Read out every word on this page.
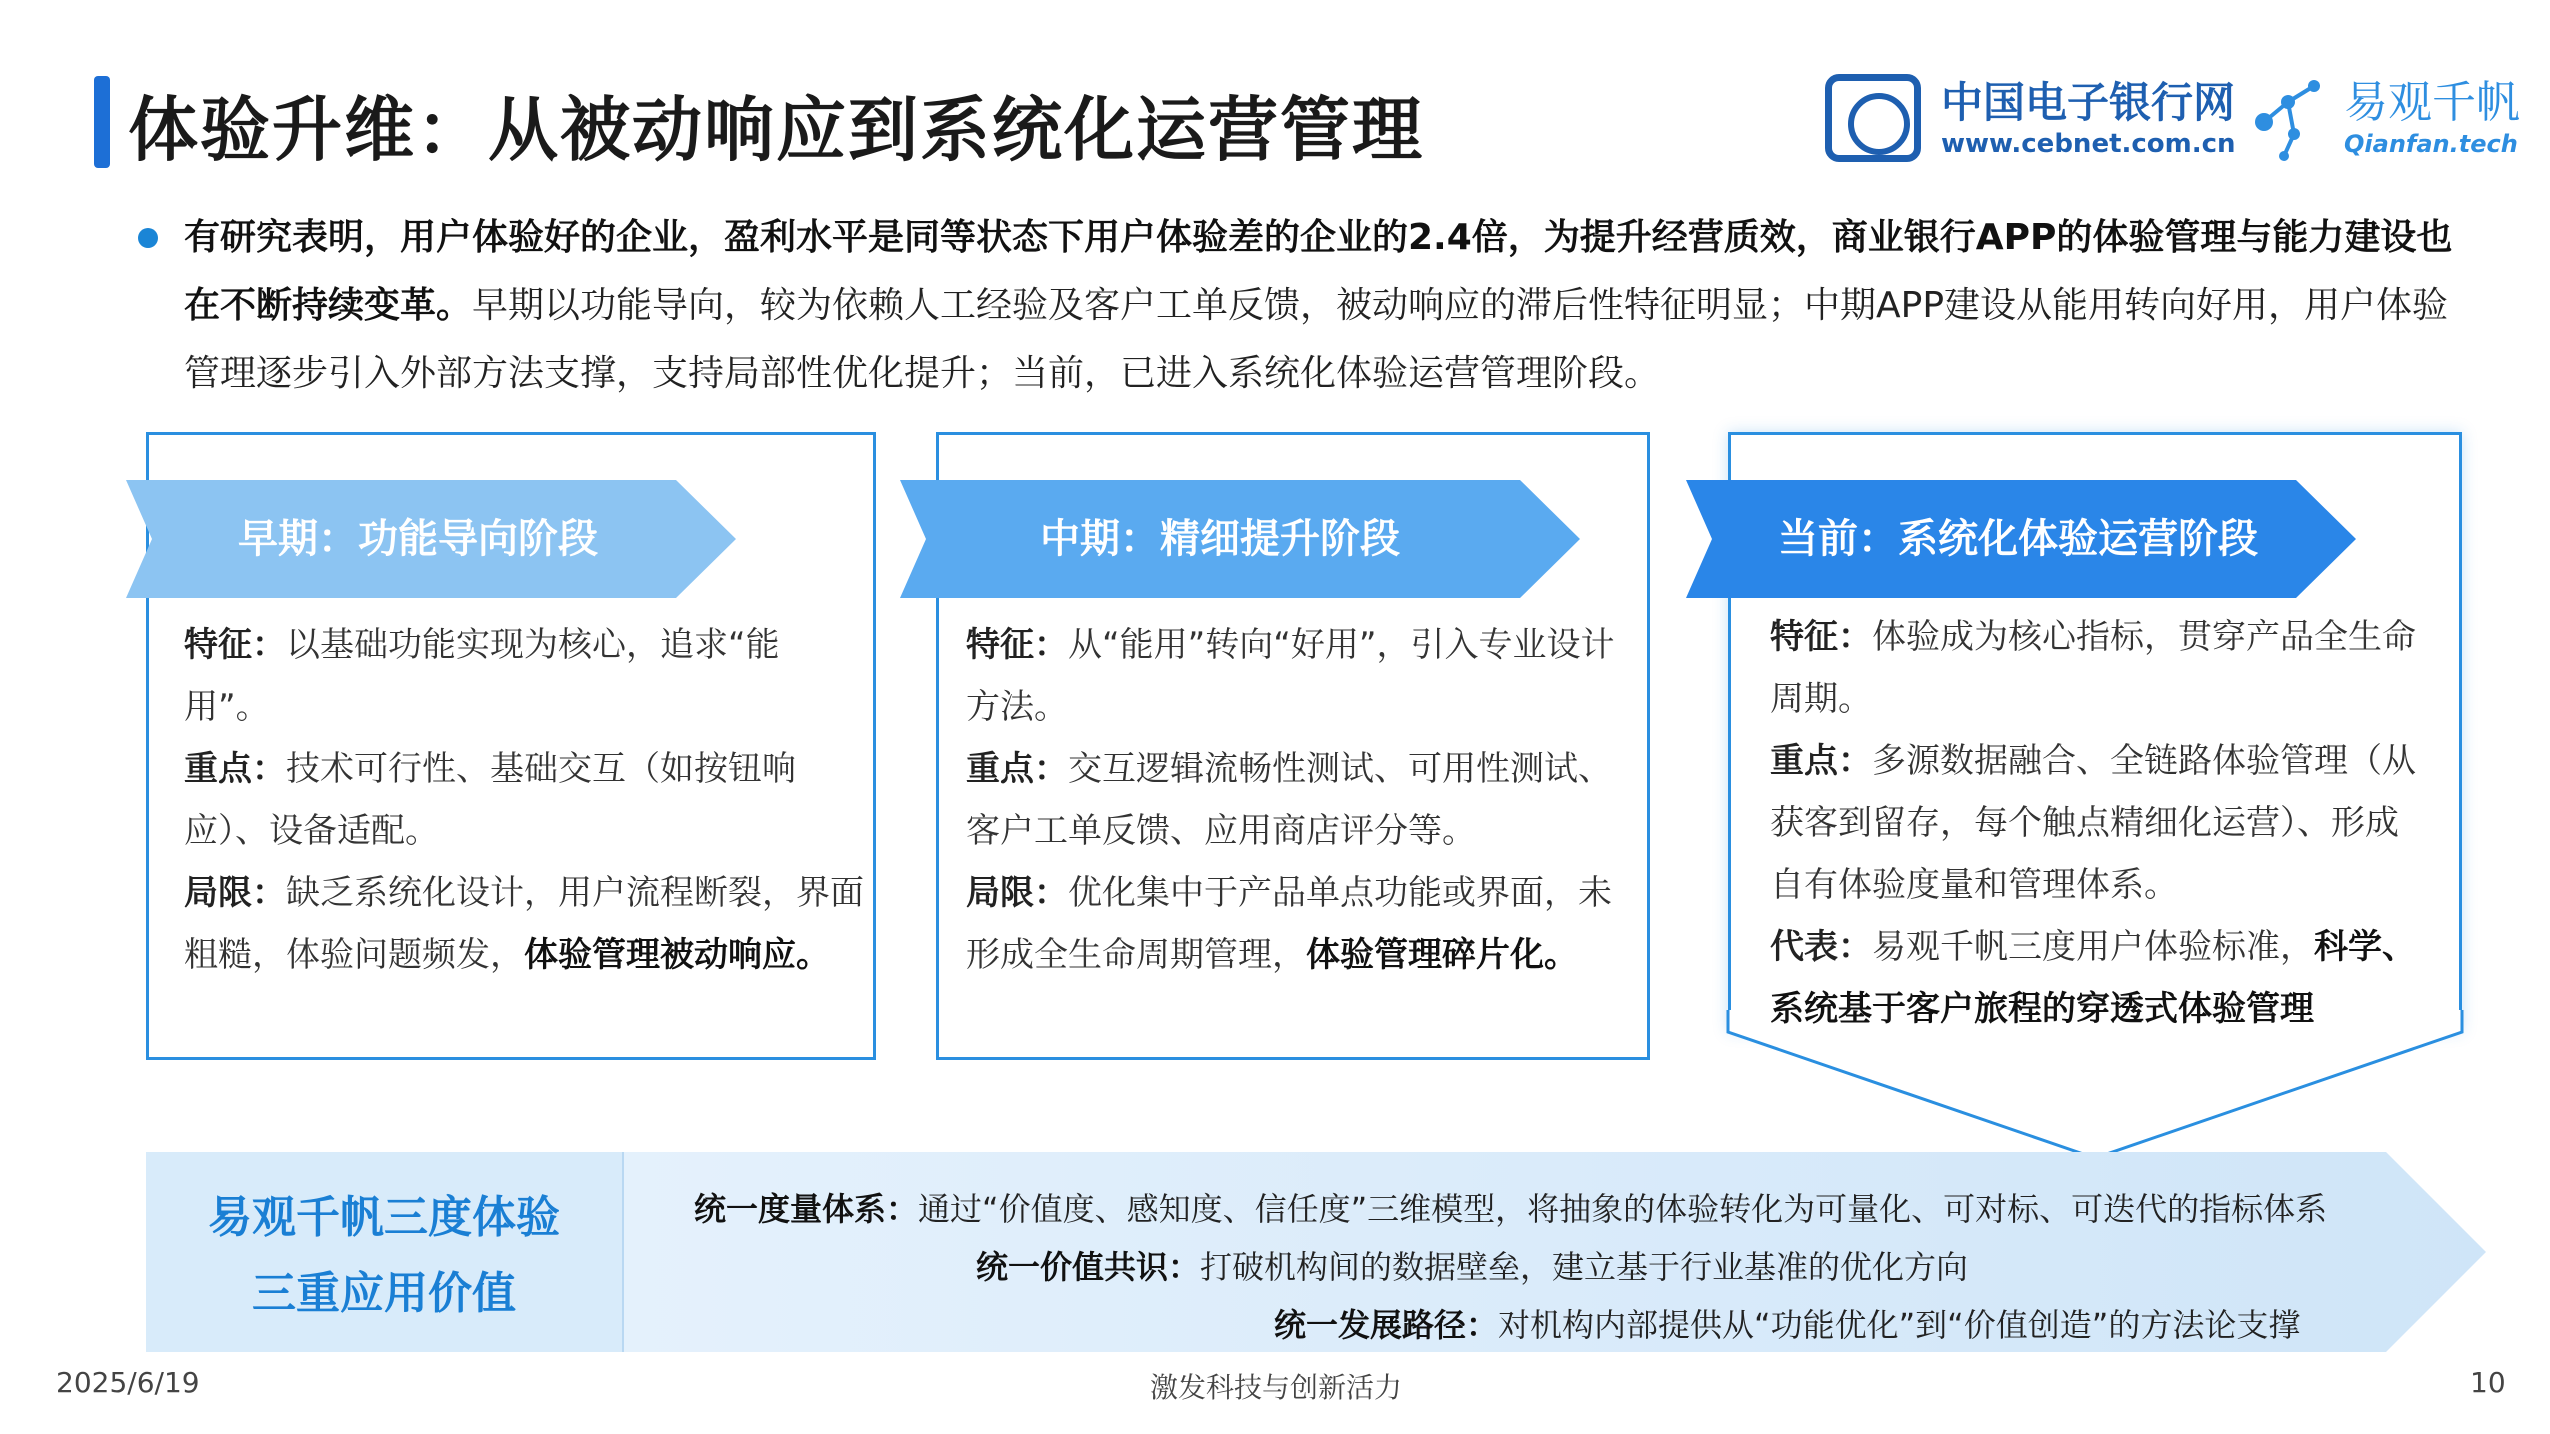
体验升维：从被动响应到系统化运营管理	中国电子银行网
www.cebnet.com.cn
易观千帆
Qianfan.tech
有研究表明，用户体验好的企业，盈利水平是同等状态下用户体验差的企业的2.4倍，为提升经营质效，商业银行APP的体验管理与能力建设也在不断持续变革。早期以功能导向，较为依赖人工经验及客户工单反馈，被动响应的滞后性特征明显；中期APP建设从能用转向好用，用户体验管理逐步引入外部方法支撑，支持局部性优化提升；当前，已进入系统化体验运营管理阶段。
早期：功能导向阶段	中期：精细提升阶段	当前：系统化体验运营阶段

特征：以基础功能实现为核心，追求“能用”。

重点：技术可行性、基础交互（如按钮响应）、设备适配。

局限：缺乏系统化设计，用户流程断裂，界面粗糙，体验问题频发，体验管理被动响应。

特征：从“能用”转向“好用”，引入专业设计方法。

重点：交互逻辑流畅性测试、可用性测试、客户工单反馈、应用商店评分等。

局限：优化集中于产品单点功能或界面，未形成全生命周期管理，体验管理碎片化。

特征：体验成为核心指标，贯穿产品全生命周期。

重点：多源数据融合、全链路体验管理（从获客到留存，每个触点精细化运营）、形成自有体验度量和管理体系。

代表：易观千帆三度用户体验标准，科学、系统基于客户旅程的穿透式体验管理

易观千帆三度体验
三重应用价值
统一度量体系：通过“价值度、感知度、信任度”三维模型，将抽象的体验转化为可量化、可对标、可迭代的指标体系
统一价值共识：打破机构间的数据壁垒，建立基于行业基准的优化方向
统一发展路径：对机构内部提供从“功能优化”到“价值创造”的方法论支撑
2025/6/19	激发科技与创新活力	10
